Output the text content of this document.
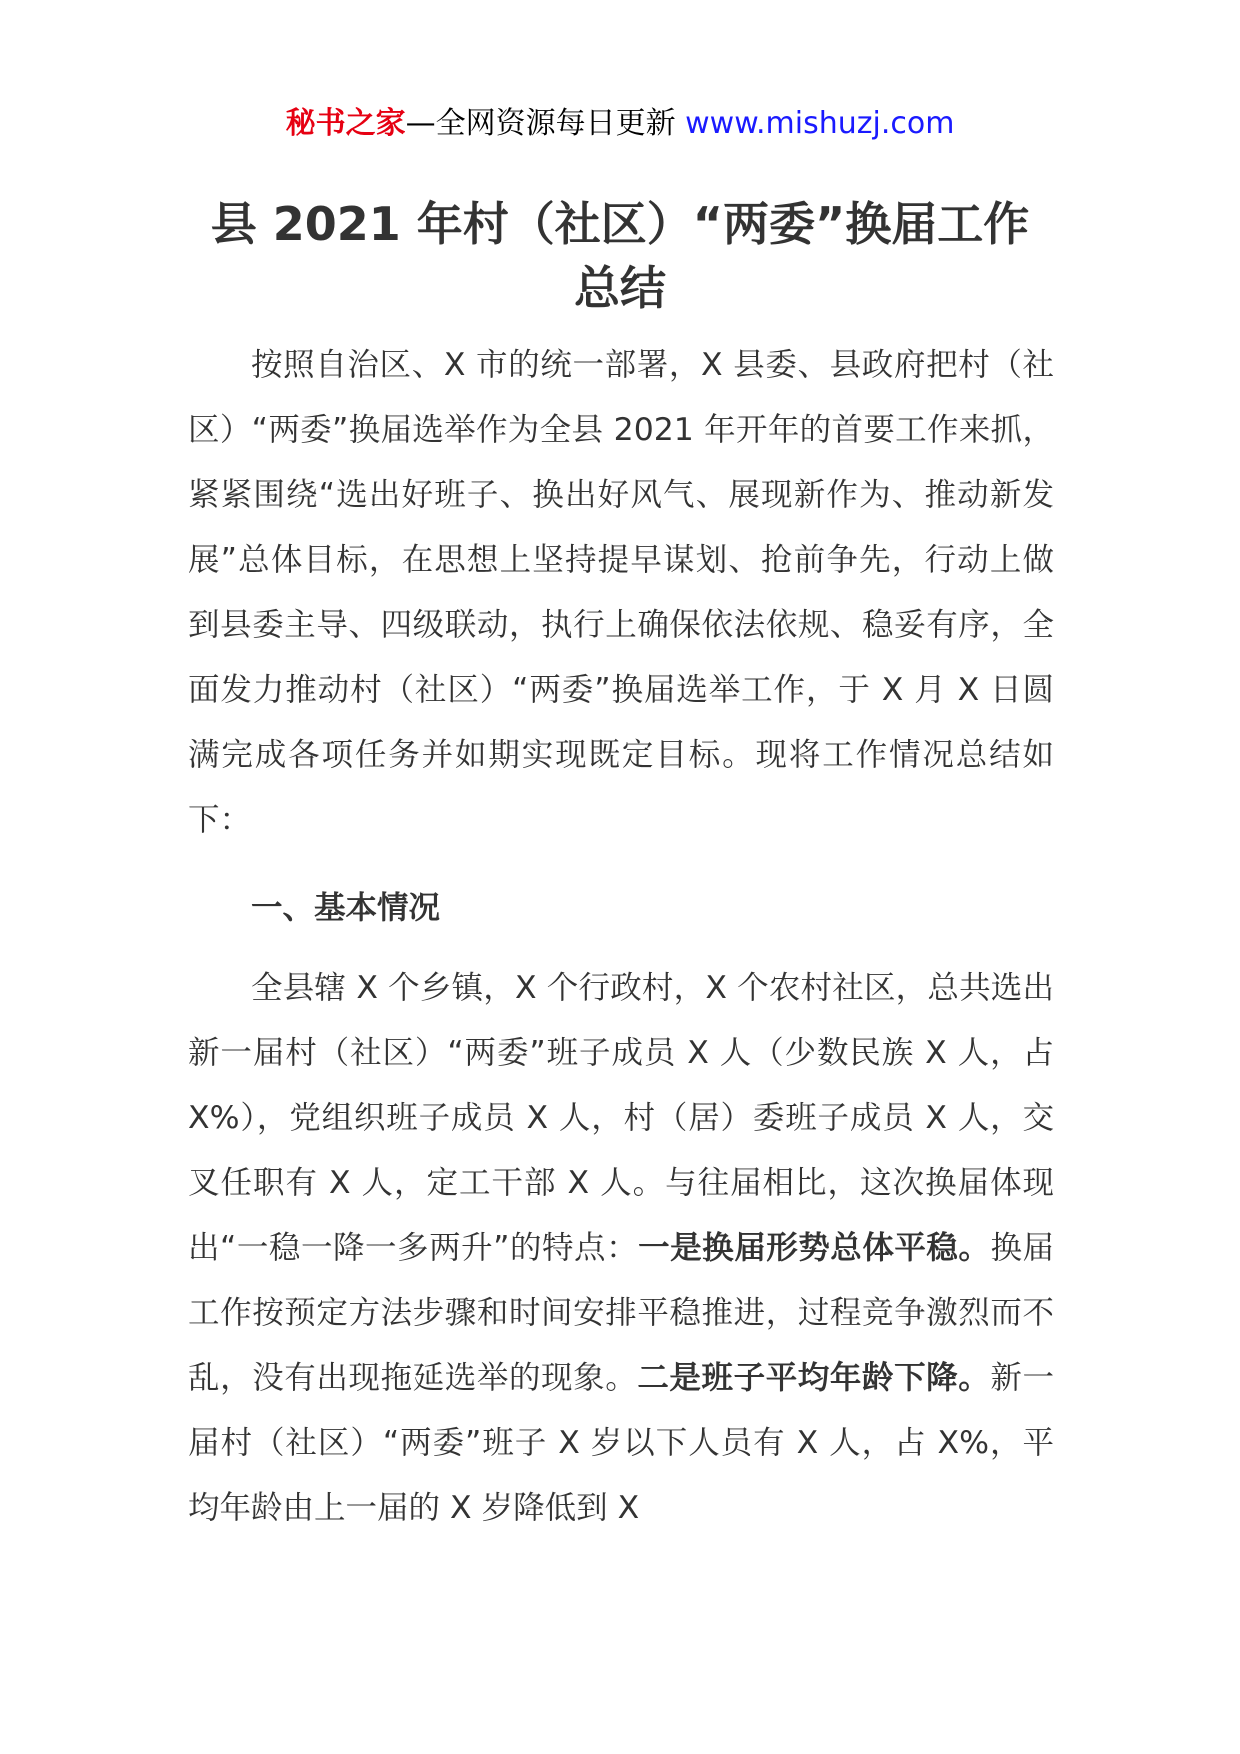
秘书之家—全网资源每日更新 www.mishuzj.com
县 2021 年村（社区）“两委”换届工作
总结

按照自治区、X 市的统一部署，X 县委、县政府把村（社区）“两委”换届选举作为全县 2021 年开年的首要工作来抓，紧紧围绕“选出好班子、换出好风气、展现新作为、推动新发展”总体目标，在思想上坚持提早谋划、抢前争先，行动上做到县委主导、四级联动，执行上确保依法依规、稳妥有序，全面发力推动村（社区）“两委”换届选举工作，于 X 月 X 日圆满完成各项任务并如期实现既定目标。现将工作情况总结如下：

一、基本情况

全县辖 X 个乡镇，X 个行政村，X 个农村社区，总共选出新一届村（社区）“两委”班子成员 X 人（少数民族 X 人，占 X%），党组织班子成员 X 人，村（居）委班子成员 X 人，交叉任职有 X 人，定工干部 X 人。与往届相比，这次换届体现出“一稳一降一多两升”的特点：一是换届形势总体平稳。换届工作按预定方法步骤和时间安排平稳推进，过程竞争激烈而不乱，没有出现拖延选举的现象。二是班子平均年龄下降。新一届村（社区）“两委”班子 X 岁以下人员有 X 人，占 X%，平均年龄由上一届的 X 岁降低到 X
